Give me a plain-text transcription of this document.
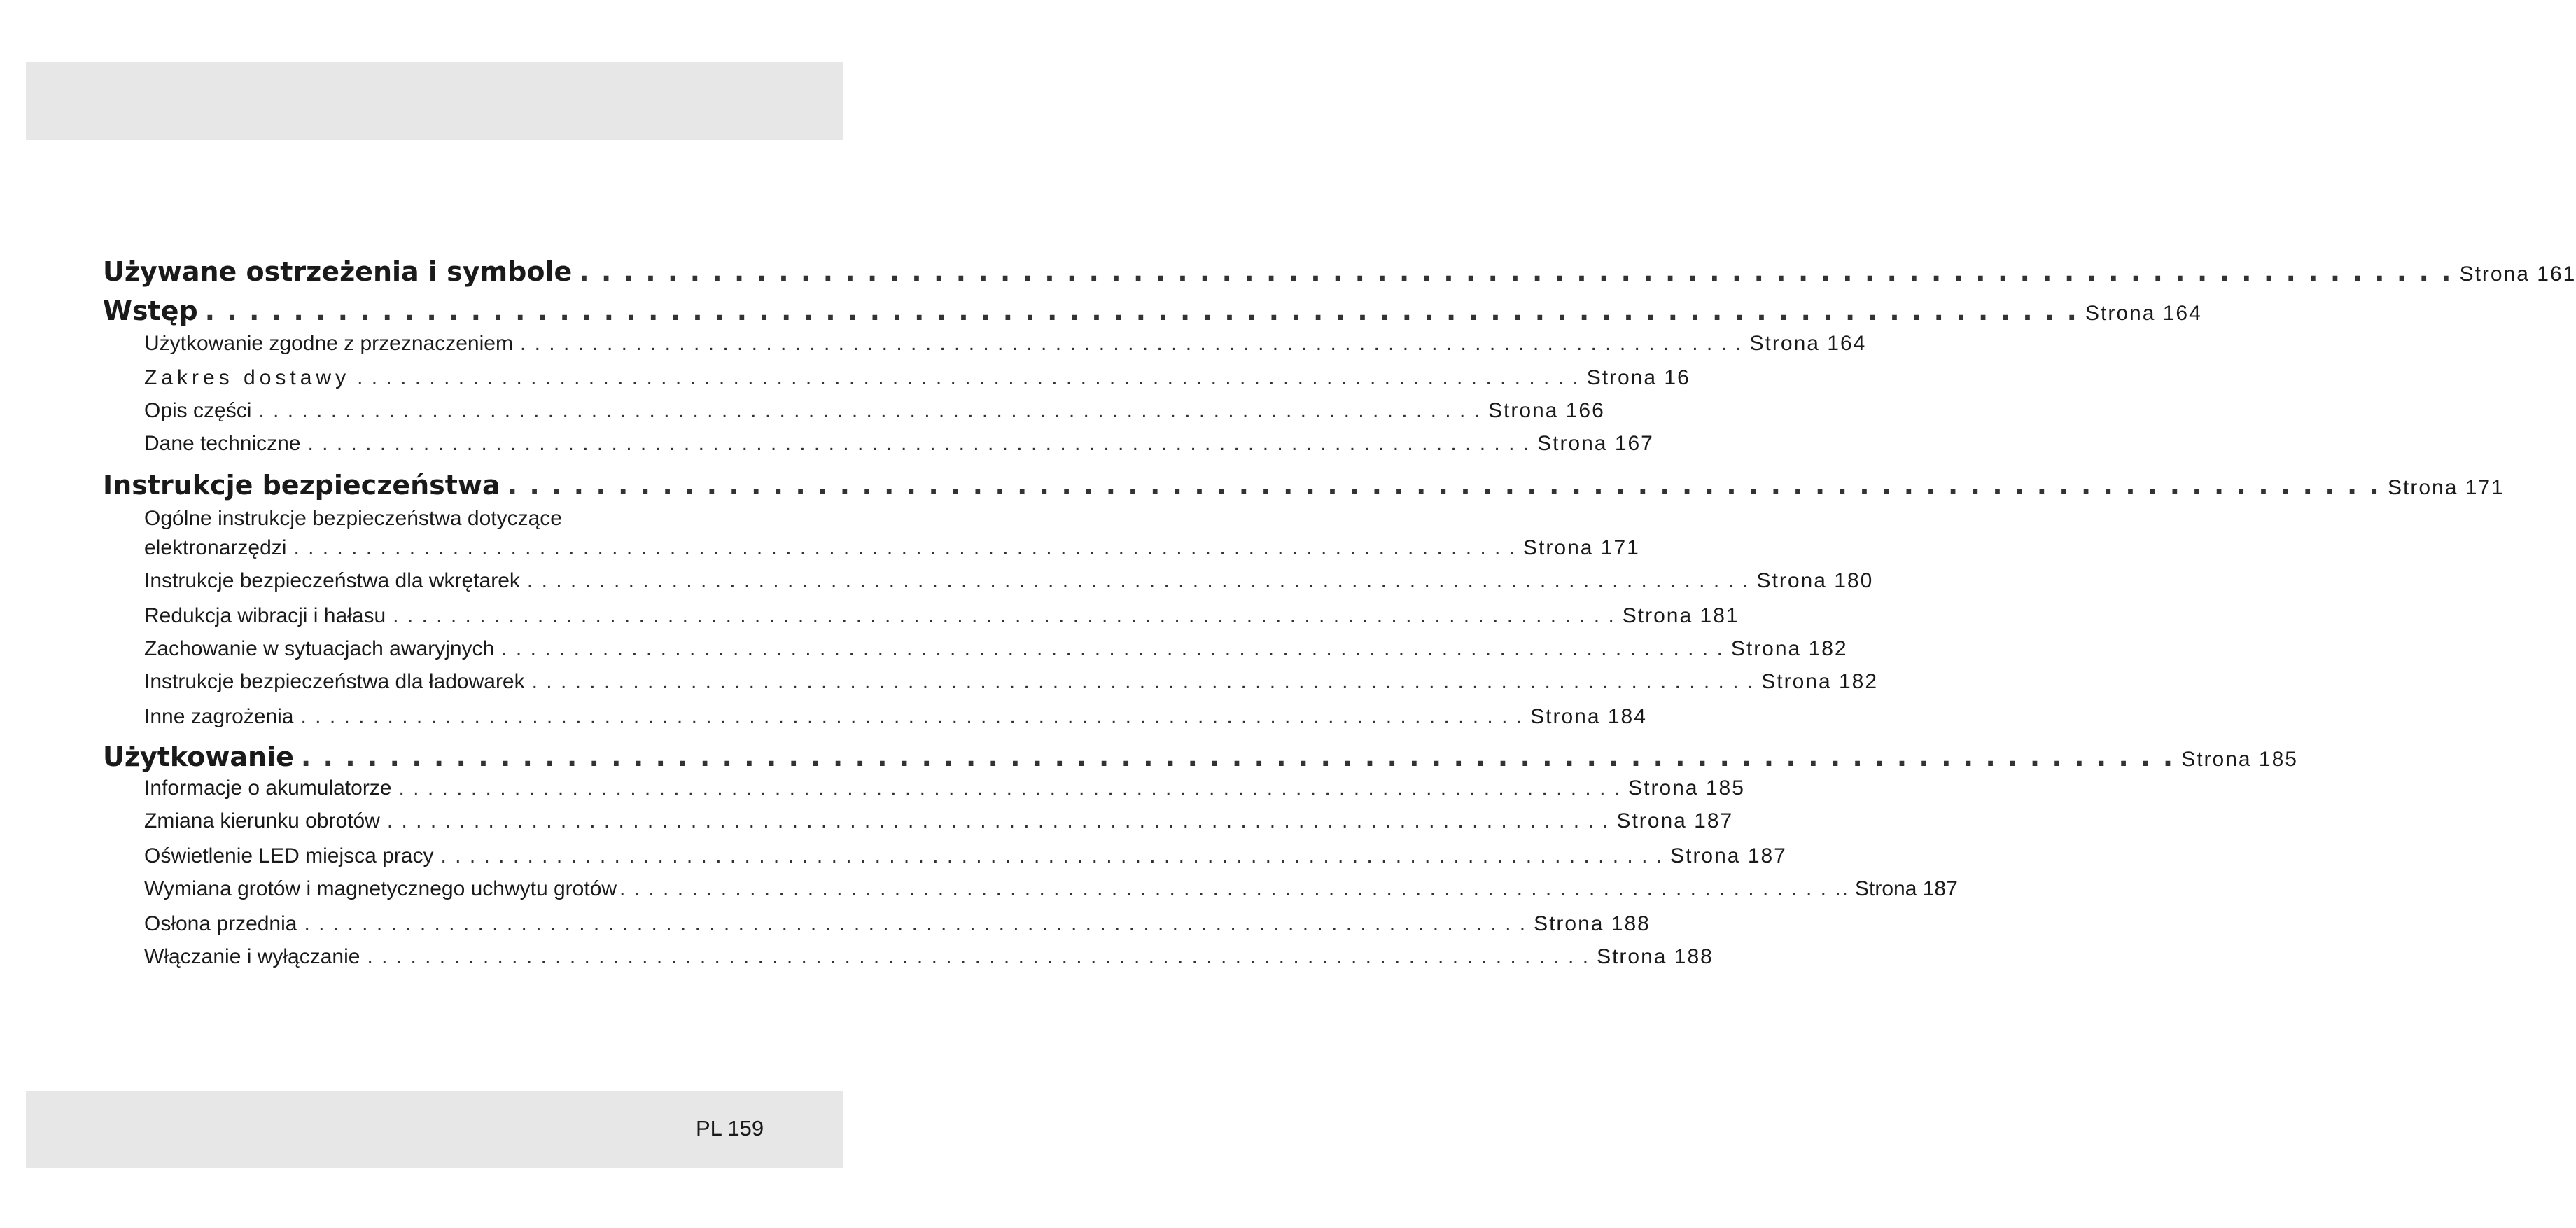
Używane ostrzeżenia i symbole . . .	Strona 161
Wstęp . . .	Strona 164
Użytkowanie zgodne z przeznaczeniem . . .	Strona 164
Zakres dostawy . . .	Strona 16
Opis części . . .	Strona 166
Dane techniczne . . .	Strona 167
Instrukcje bezpieczeństwa . . .	Strona 171
Ogólne instrukcje bezpieczeństwa dotyczące
elektronarzędzi . . .	Strona 171
Instrukcje bezpieczeństwa dla wkrętarek . . .	Strona 180
Redukcja wibracji i hałasu . . .	Strona 181
Zachowanie w sytuacjach awaryjnych . . .	Strona 182
Instrukcje bezpieczeństwa dla ładowarek . . .	Strona 182
Inne zagrożenia . . .	Strona 184
Użytkowanie . . .	Strona 185
Informacje o akumulatorze . . .	Strona 185
Zmiana kierunku obrotów . . .	Strona 187
Oświetlenie LED miejsca pracy . . .	Strona 187
Wymiana grotów i magnetycznego uchwytu grotów	. . . . Strona 187
Osłona przednia . . .	Strona 188
Włączanie i wyłączanie . . .	Strona 188
PL 159
